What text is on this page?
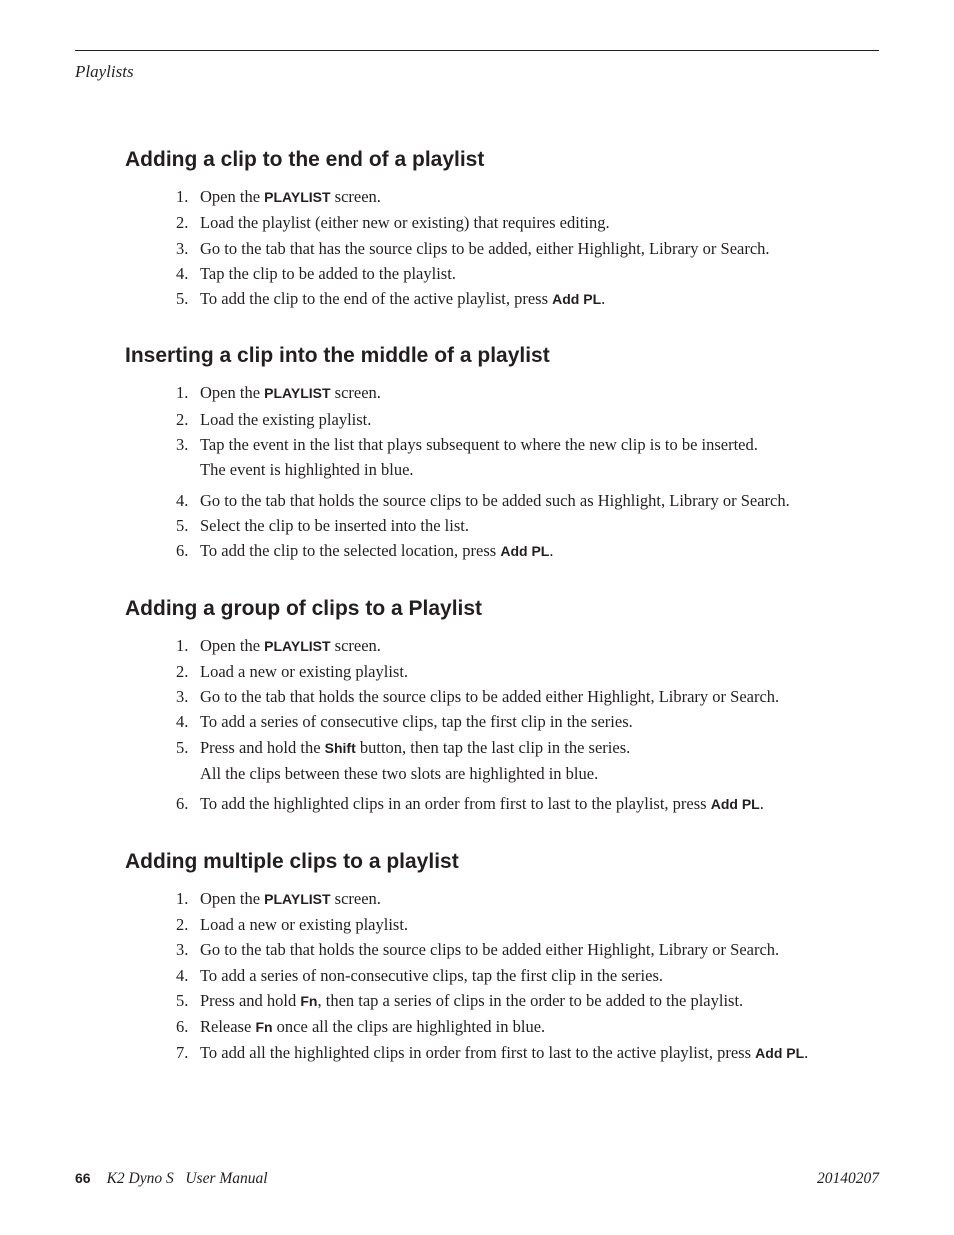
Playlists
Adding a clip to the end of a playlist
1. Open the PLAYLIST screen.
2. Load the playlist (either new or existing) that requires editing.
3. Go to the tab that has the source clips to be added, either Highlight, Library or Search.
4. Tap the clip to be added to the playlist.
5. To add the clip to the end of the active playlist, press Add PL.
Inserting a clip into the middle of a playlist
1. Open the PLAYLIST screen.
2. Load the existing playlist.
3. Tap the event in the list that plays subsequent to where the new clip is to be inserted.
The event is highlighted in blue.
4. Go to the tab that holds the source clips to be added such as Highlight, Library or Search.
5. Select the clip to be inserted into the list.
6. To add the clip to the selected location, press Add PL.
Adding a group of clips to a Playlist
1. Open the PLAYLIST screen.
2. Load a new or existing playlist.
3. Go to the tab that holds the source clips to be added either Highlight, Library or Search.
4. To add a series of consecutive clips, tap the first clip in the series.
5. Press and hold the Shift button, then tap the last clip in the series.
All the clips between these two slots are highlighted in blue.
6. To add the highlighted clips in an order from first to last to the playlist, press Add PL.
Adding multiple clips to a playlist
1. Open the PLAYLIST screen.
2. Load a new or existing playlist.
3. Go to the tab that holds the source clips to be added either Highlight, Library or Search.
4. To add a series of non-consecutive clips, tap the first clip in the series.
5. Press and hold Fn, then tap a series of clips in the order to be added to the playlist.
6. Release Fn once all the clips are highlighted in blue.
7. To add all the highlighted clips in order from first to last to the active playlist, press Add PL.
66 K2 Dyno S   User Manual	20140207
